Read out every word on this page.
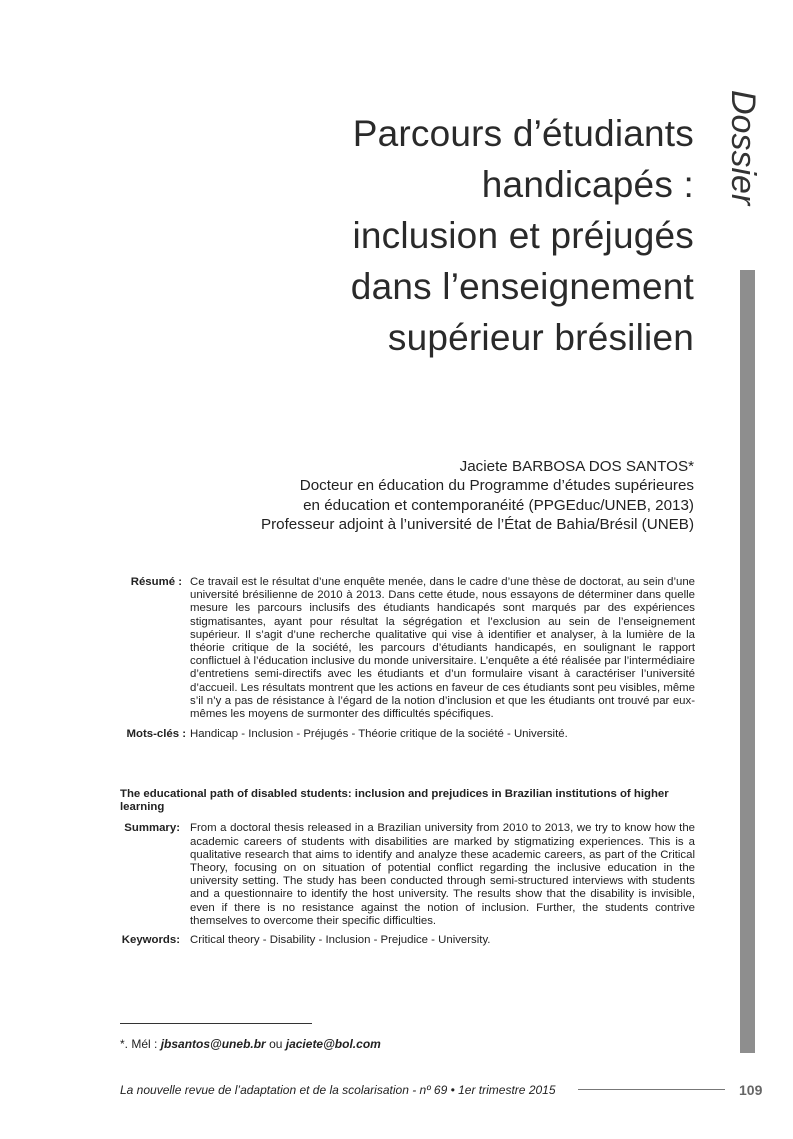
Dossier
Parcours d’étudiants
handicapés :
inclusion et préjugés
dans l’enseignement
supérieur brésilien
Jaciete BARBOSA DOS SANTOS*
Docteur en éducation du Programme d’études supérieures
en éducation et contemporanéité (PPGEduc/UNEB, 2013)
Professeur adjoint à l’université de l’État de Bahia/Brésil (UNEB)
Résumé : Ce travail est le résultat d’une enquête menée, dans le cadre d’une thèse de doctorat, au sein d’une université brésilienne de 2010 à 2013. Dans cette étude, nous essayons de déterminer dans quelle mesure les parcours inclusifs des étudiants handicapés sont marqués par des expériences stigmatisantes, ayant pour résultat la ségrégation et l’exclusion au sein de l’enseignement supérieur. Il s’agit d’une recherche qualitative qui vise à identifier et analyser, à la lumière de la théorie critique de la société, les parcours d’étudiants handicapés, en soulignant le rapport conflictuel à l’éducation inclusive du monde universitaire. L’enquête a été réalisée par l’intermédiaire d’entretiens semi-directifs avec les étudiants et d’un formulaire visant à caractériser l’université d’accueil. Les résultats montrent que les actions en faveur de ces étudiants sont peu visibles, même s’il n’y a pas de résistance à l’égard de la notion d’inclusion et que les étudiants ont trouvé par eux-mêmes les moyens de surmonter des difficultés spécifiques.
Mots-clés : Handicap - Inclusion - Préjugés - Théorie critique de la société - Université.
The educational path of disabled students: inclusion and prejudices in Brazilian institutions of higher learning
Summary: From a doctoral thesis released in a Brazilian university from 2010 to 2013, we try to know how the academic careers of students with disabilities are marked by stigmatizing experiences. This is a qualitative research that aims to identify and analyze these academic careers, as part of the Critical Theory, focusing on on situation of potential conflict regarding the inclusive education in the university setting. The study has been conducted through semi-structured interviews with students and a questionnaire to identify the host university. The results show that the disability is invisible, even if there is no resistance against the notion of inclusion. Further, the students contrive themselves to overcome their specific difficulties.
Keywords: Critical theory - Disability - Inclusion - Prejudice - University.
*. Mél : jbsantos@uneb.br ou jaciete@bol.com
La nouvelle revue de l’adaptation et de la scolarisation - nº 69 • 1er trimestre 2015	109
